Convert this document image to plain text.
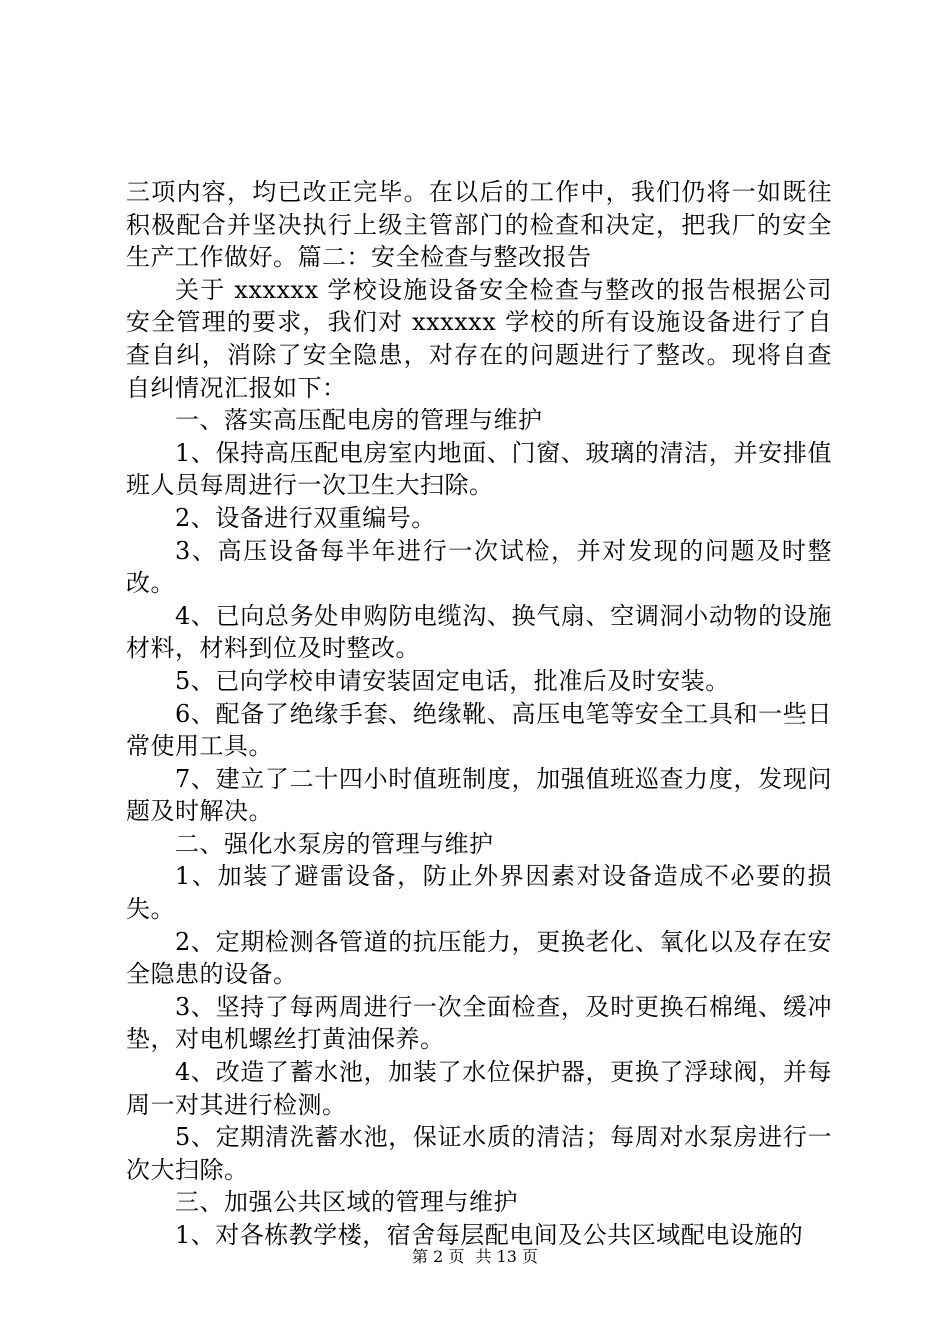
三项内容，均已改正完毕。在以后的工作中，我们仍将一如既往积极配合并坚决执行上级主管部门的检查和决定，把我厂的安全生产工作做好。篇二：安全检查与整改报告

关于 xxxxxx 学校设施设备安全检查与整改的报告根据公司安全管理的要求，我们对 xxxxxx 学校的所有设施设备进行了自查自纠，消除了安全隐患，对存在的问题进行了整改。现将自查自纠情况汇报如下：

一、落实高压配电房的管理与维护

1、保持高压配电房室内地面、门窗、玻璃的清洁，并安排值班人员每周进行一次卫生大扫除。

2、设备进行双重编号。

3、高压设备每半年进行一次试检，并对发现的问题及时整改。

4、已向总务处申购防电缆沟、换气扇、空调洞小动物的设施材料，材料到位及时整改。

5、已向学校申请安装固定电话，批准后及时安装。

6、配备了绝缘手套、绝缘靴、高压电笔等安全工具和一些日常使用工具。

7、建立了二十四小时值班制度，加强值班巡查力度，发现问题及时解决。

二、强化水泵房的管理与维护

1、加装了避雷设备，防止外界因素对设备造成不必要的损失。

2、定期检测各管道的抗压能力，更换老化、氧化以及存在安全隐患的设备。

3、坚持了每两周进行一次全面检查，及时更换石棉绳、缓冲垫，对电机螺丝打黄油保养。

4、改造了蓄水池，加装了水位保护器，更换了浮球阀，并每周一对其进行检测。

5、定期清洗蓄水池，保证水质的清洁；每周对水泵房进行一次大扫除。

三、加强公共区域的管理与维护

1、对各栋教学楼，宿舍每层配电间及公共区域配电设施的

第 2 页 共 13 页
